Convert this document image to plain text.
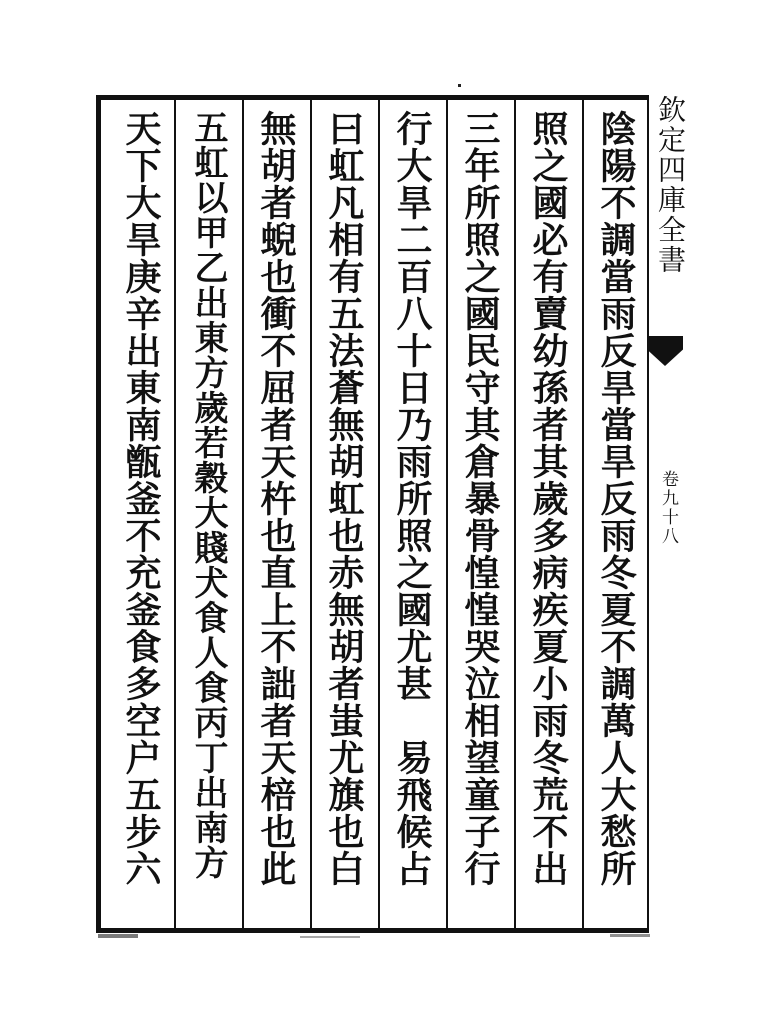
陰陽不調當雨反旱當旱反雨冬夏不調萬人大愁所
照之國必有賣幼孫者其歲多病疾夏小雨冬荒不出
三年所照之國民守其倉暴骨惶惶哭泣相望童子行
行大旱二百八十日乃雨所照之國尤甚　易飛候占
曰虹凡相有五法蒼無胡虹也赤無胡者蚩尤旗也白
無胡者蜺也衝不屈者天杵也直上不詘者天棓也此
五虹以甲乙出東方歲若穀大賤犬食人食丙丁出南方
天下大旱庚辛出東南甑釜不充釜食多空户五步六	欽定四庫全書
卷九十八
